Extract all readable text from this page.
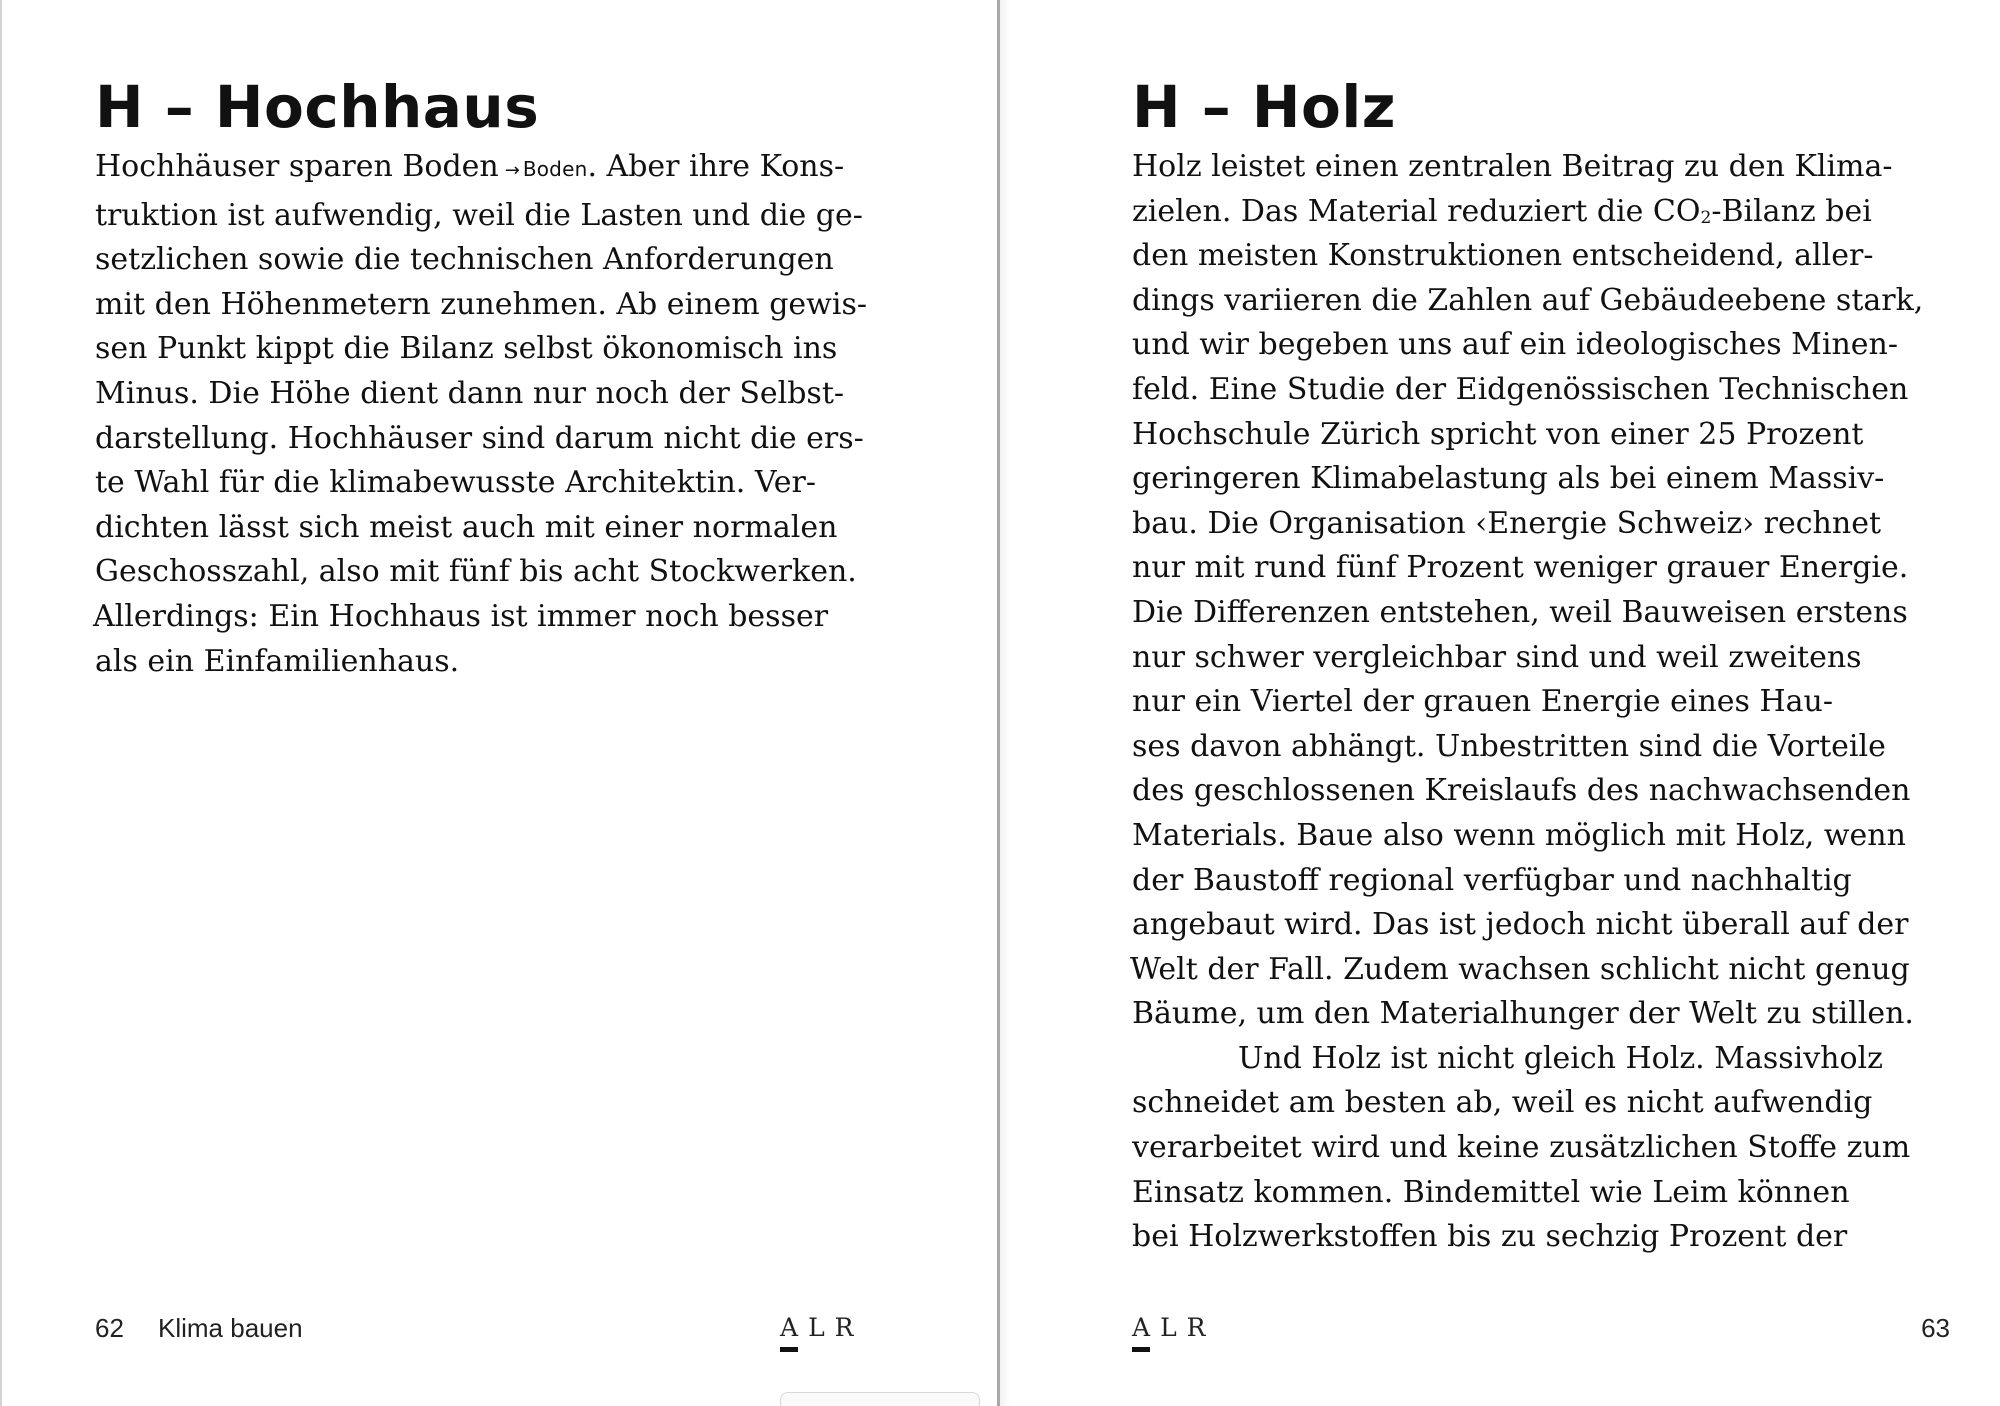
H – Hochhaus
Hochhäuser sparen Boden → Boden. Aber ihre Kons-
truktion ist aufwendig, weil die Lasten und die ge-
setzlichen sowie die technischen Anforderungen
mit den Höhenmetern zunehmen. Ab einem gewis-
sen Punkt kippt die Bilanz selbst ökonomisch ins
Minus. Die Höhe dient dann nur noch der Selbst-
darstellung. Hochhäuser sind darum nicht die ers-
te Wahl für die klimabewusste Architektin. Ver-
dichten lässt sich meist auch mit einer normalen
Geschosszahl, also mit fünf bis acht Stockwerken.
Allerdings: Ein Hochhaus ist immer noch besser
als ein Einfamilienhaus.
62 Klima bauen	ALR
H – Holz
Holz leistet einen zentralen Beitrag zu den Klima-
zielen. Das Material reduziert die $CO_2$-Bilanz bei
den meisten Konstruktionen entscheidend, aller-
dings variieren die Zahlen auf Gebäudeebene stark,
und wir begeben uns auf ein ideologisches Minen-
feld. Eine Studie der Eidgenössischen Technischen
Hochschule Zürich spricht von einer 25 Prozent
geringeren Klimabelastung als bei einem Massiv-
bau. Die Organisation ‹Energie Schweiz› rechnet
nur mit rund fünf Prozent weniger grauer Energie.
Die Differenzen entstehen, weil Bauweisen erstens
nur schwer vergleichbar sind und weil zweitens
nur ein Viertel der grauen Energie eines Hau-
ses davon abhängt. Unbestritten sind die Vorteile
des geschlossenen Kreislaufs des nachwachsenden
Materials. Baue also wenn möglich mit Holz, wenn
der Baustoff regional verfügbar und nachhaltig
angebaut wird. Das ist jedoch nicht überall auf der
Welt der Fall. Zudem wachsen schlicht nicht genug
Bäume, um den Materialhunger der Welt zu stillen.
Und Holz ist nicht gleich Holz. Massivholz
schneidet am besten ab, weil es nicht aufwendig
verarbeitet wird und keine zusätzlichen Stoffe zum
Einsatz kommen. Bindemittel wie Leim können
bei Holzwerkstoffen bis zu sechzig Prozent der
ALR	63
